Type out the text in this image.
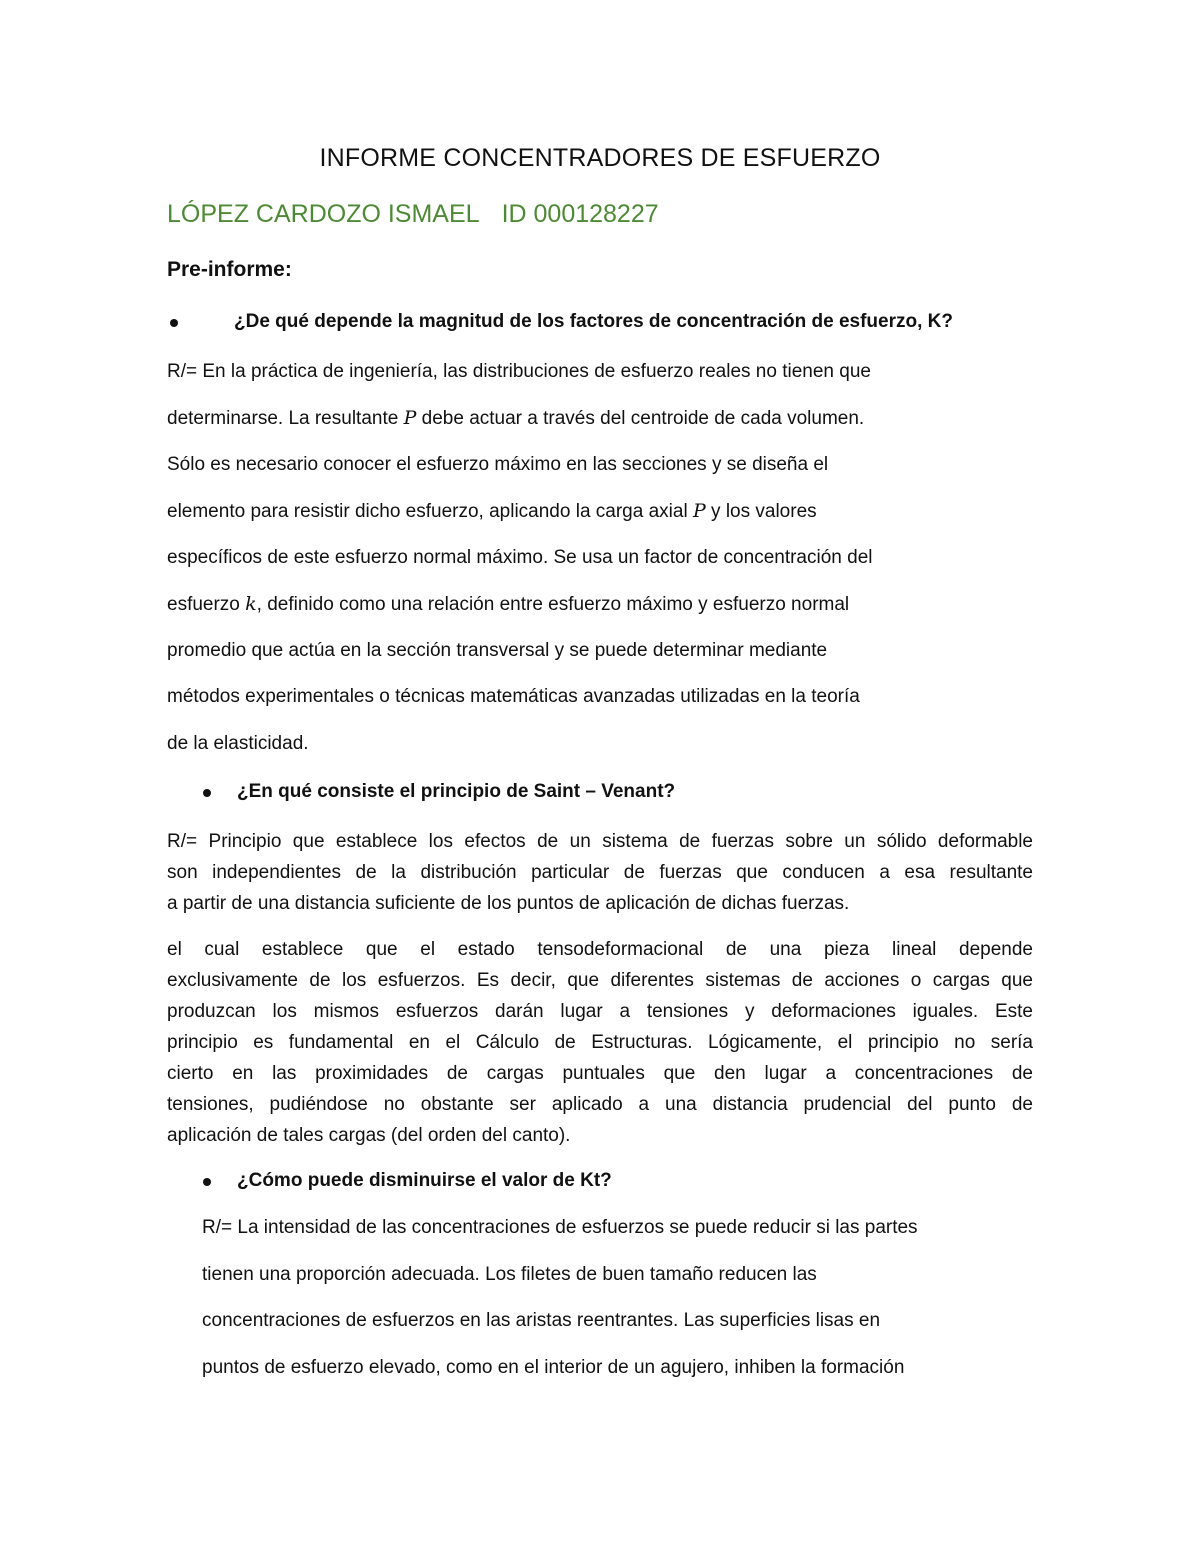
INFORME CONCENTRADORES DE ESFUERZO
LÓPEZ CARDOZO ISMAEL ID 000128227
Pre-informe:
¿De qué depende la magnitud de los factores de concentración de esfuerzo, K?
R/= En la práctica de ingeniería, las distribuciones de esfuerzo reales no tienen que
determinarse. La resultante P debe actuar a través del centroide de cada volumen.
Sólo es necesario conocer el esfuerzo máximo en las secciones y se diseña el
elemento para resistir dicho esfuerzo, aplicando la carga axial P y los valores
específicos de este esfuerzo normal máximo. Se usa un factor de concentración del
esfuerzo k, definido como una relación entre esfuerzo máximo y esfuerzo normal
promedio que actúa en la sección transversal y se puede determinar mediante
métodos experimentales o técnicas matemáticas avanzadas utilizadas en la teoría
de la elasticidad.
¿En qué consiste el principio de Saint – Venant?
R/= Principio que establece los efectos de un sistema de fuerzas sobre un sólido deformable
son independientes de la distribución particular de fuerzas que conducen a esa resultante
a partir de una distancia suficiente de los puntos de aplicación de dichas fuerzas.
el cual establece que el estado tensodeformacional de una pieza lineal depende
exclusivamente de los esfuerzos. Es decir, que diferentes sistemas de acciones o cargas que
produzcan los mismos esfuerzos darán lugar a tensiones y deformaciones iguales. Este
principio es fundamental en el Cálculo de Estructuras. Lógicamente, el principio no sería
cierto en las proximidades de cargas puntuales que den lugar a concentraciones de
tensiones, pudiéndose no obstante ser aplicado a una distancia prudencial del punto de
aplicación de tales cargas (del orden del canto).
¿Cómo puede disminuirse el valor de Kt?
R/= La intensidad de las concentraciones de esfuerzos se puede reducir si las partes
tienen una proporción adecuada. Los filetes de buen tamaño reducen las
concentraciones de esfuerzos en las aristas reentrantes. Las superficies lisas en
puntos de esfuerzo elevado, como en el interior de un agujero, inhiben la formación
